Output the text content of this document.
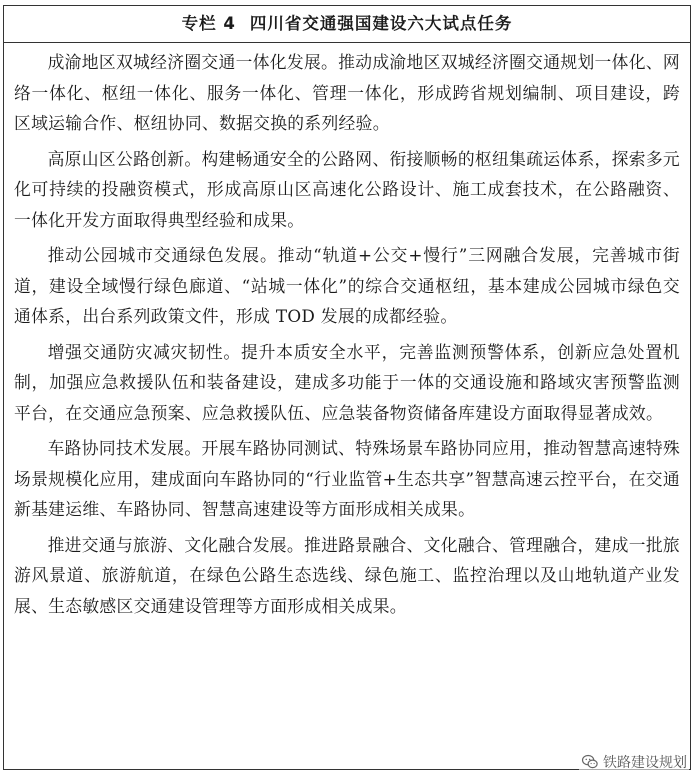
专栏 4 四川省交通强国建设六大试点任务

成渝地区双城经济圈交通一体化发展。推动成渝地区双城经济圈交通规划一体化、网络一体化、枢纽一体化、服务一体化、管理一体化，形成跨省规划编制、项目建设，跨区域运输合作、枢纽协同、数据交换的系列经验。

高原山区公路创新。构建畅通安全的公路网、衔接顺畅的枢纽集疏运体系，探索多元化可持续的投融资模式，形成高原山区高速化公路设计、施工成套技术，在公路融资、一体化开发方面取得典型经验和成果。

推动公园城市交通绿色发展。推动“轨道+公交+慢行”三网融合发展，完善城市街道，建设全域慢行绿色廊道、“站城一体化”的综合交通枢纽，基本建成公园城市绿色交通体系，出台系列政策文件，形成 TOD 发展的成都经验。

增强交通防灾减灾韧性。提升本质安全水平，完善监测预警体系，创新应急处置机制，加强应急救援队伍和装备建设，建成多功能于一体的交通设施和路域灾害预警监测平台，在交通应急预案、应急救援队伍、应急装备物资储备库建设方面取得显著成效。

车路协同技术发展。开展车路协同测试、特殊场景车路协同应用，推动智慧高速特殊场景规模化应用，建成面向车路协同的“行业监管+生态共享”智慧高速云控平台，在交通新基建运维、车路协同、智慧高速建设等方面形成相关成果。

推进交通与旅游、文化融合发展。推进路景融合、文化融合、管理融合，建成一批旅游风景道、旅游航道，在绿色公路生态选线、绿色施工、监控治理以及山地轨道产业发展、生态敏感区交通建设管理等方面形成相关成果。

铁路建设规划
